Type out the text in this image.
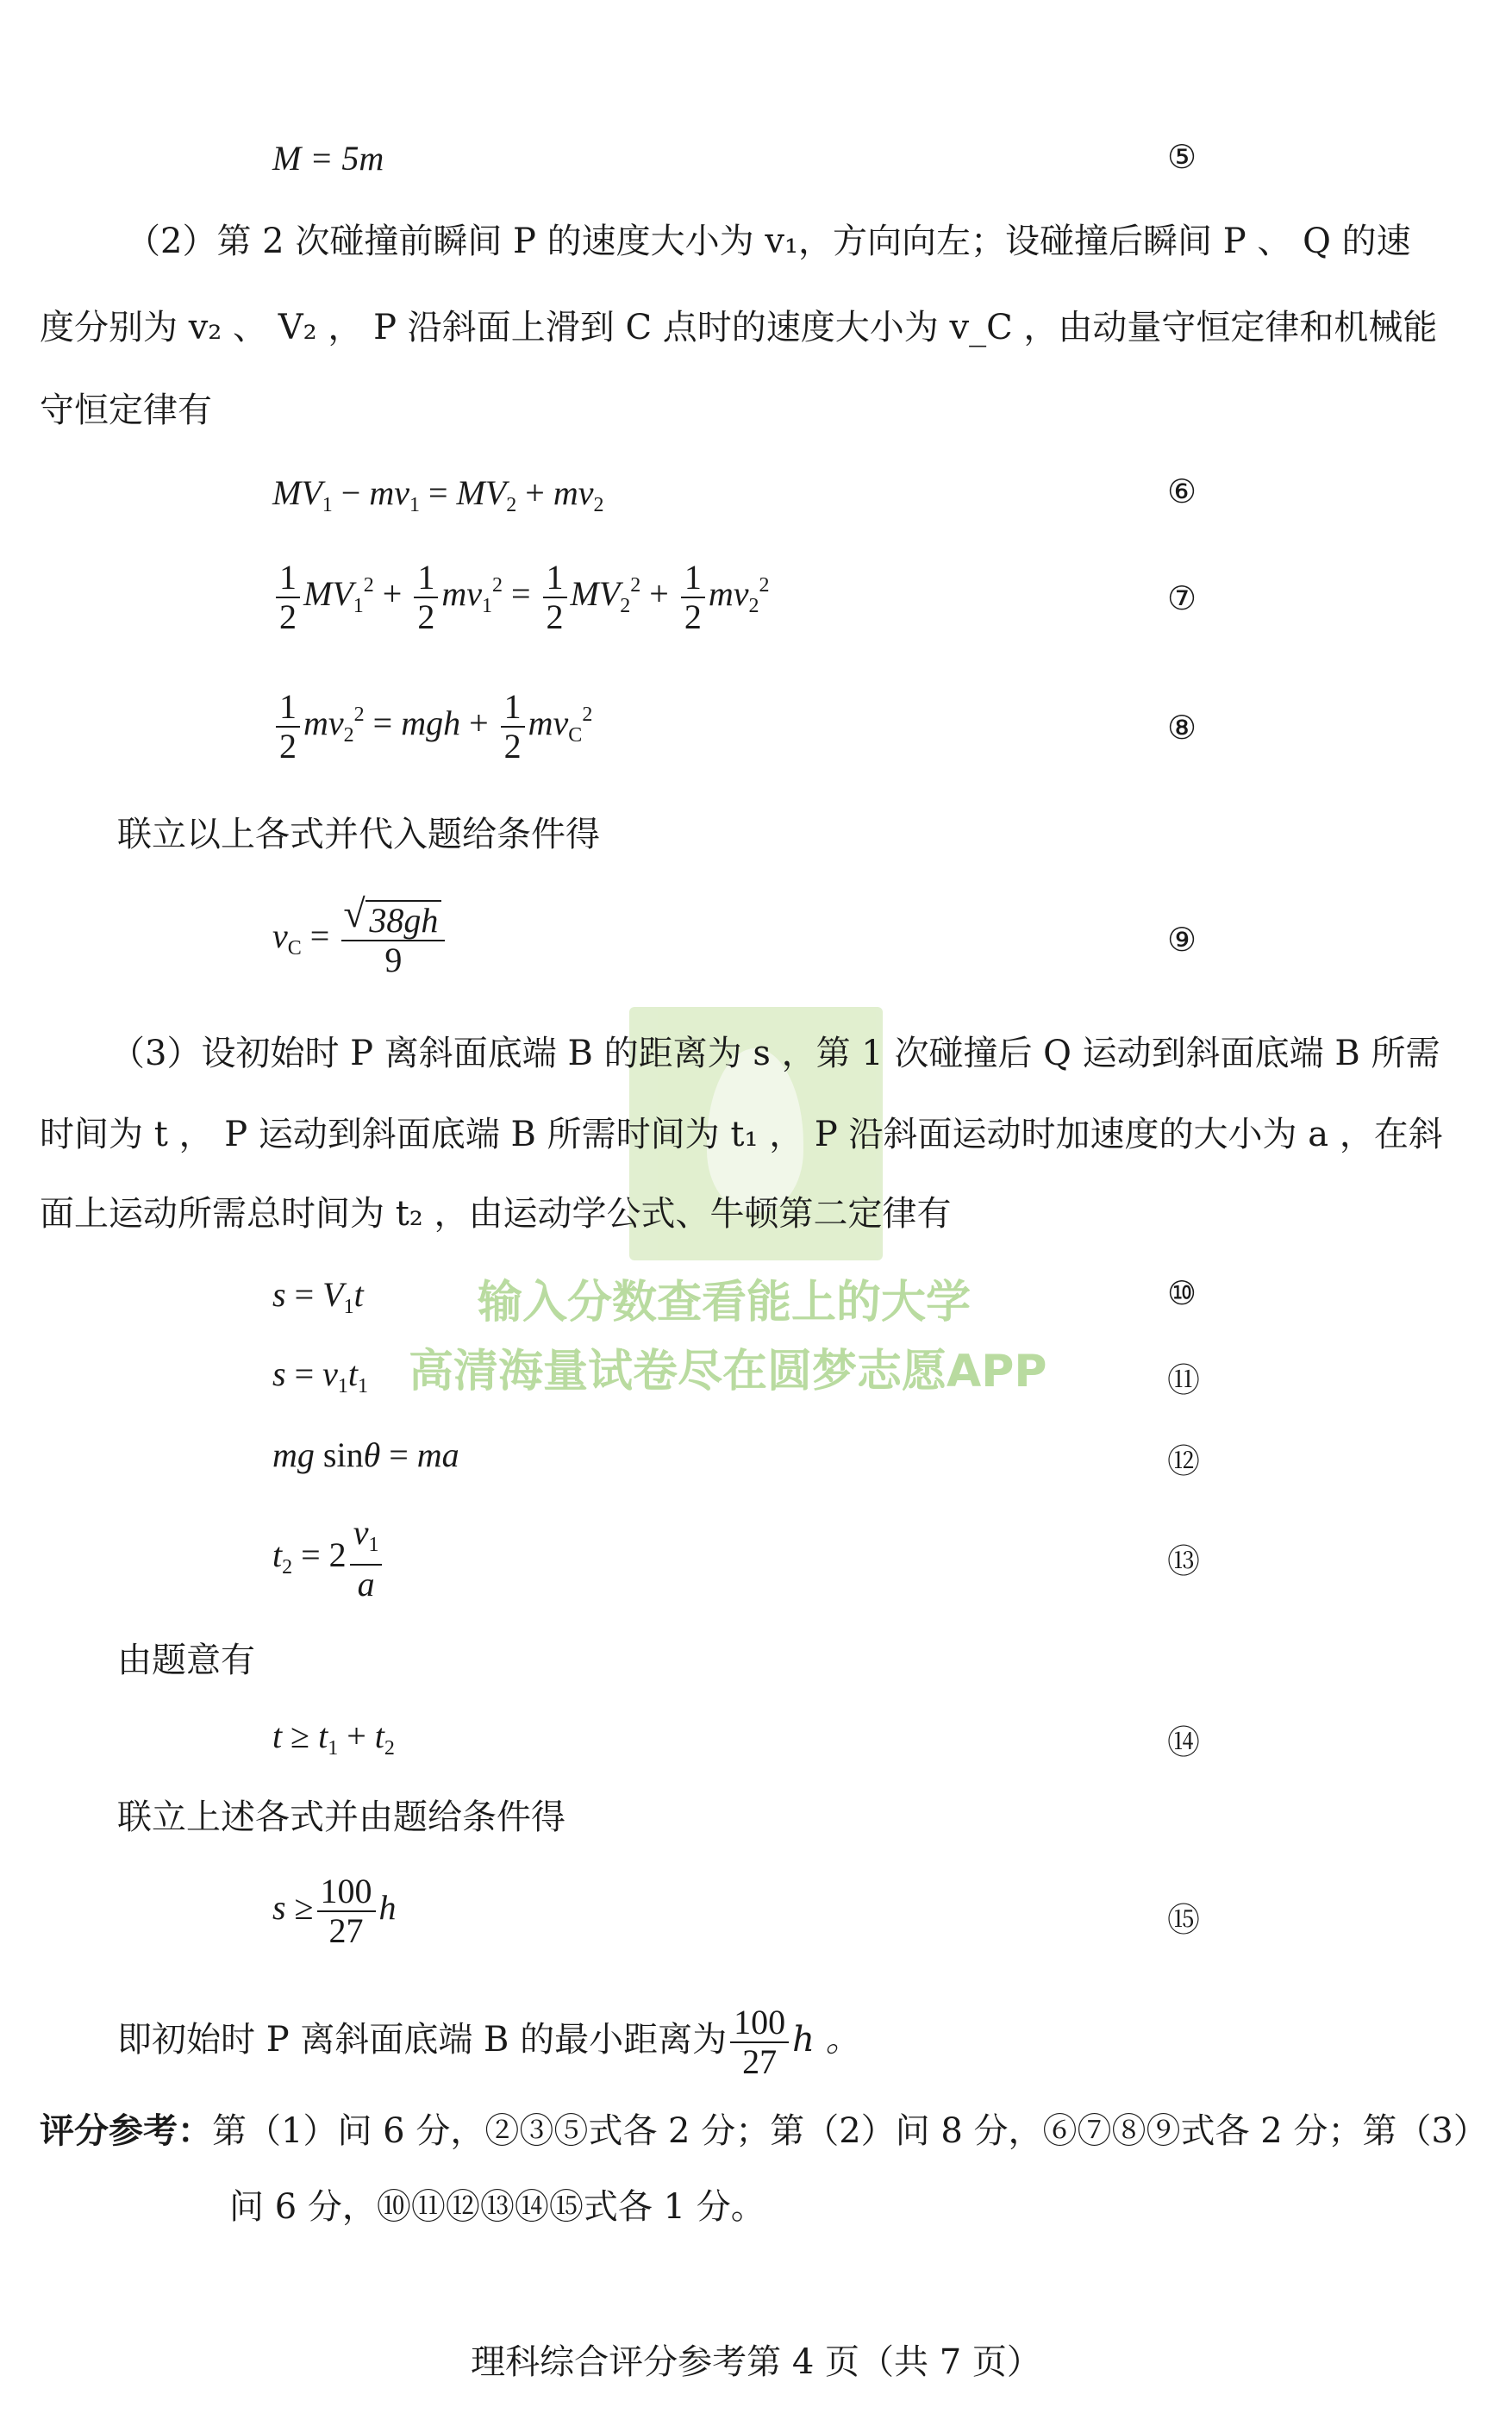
输入分数查看能上的大学
高清海量试卷尽在圆梦志愿APP
M = 5m	⑤
（2）第 2 次碰撞前瞬间 P 的速度大小为 v₁，方向向左；设碰撞后瞬间 P 、 Q 的速
度分别为 v₂ 、 V₂ ， P 沿斜面上滑到 C 点时的速度大小为 v_C ，由动量守恒定律和机械能
守恒定律有
$MV_1 - mv_1 = MV_2 + mv_2$	⑥
$\frac{1}{2} MV_1^2 + \frac{1}{2} mv_1^2 = \frac{1}{2} MV_2^2 + \frac{1}{2} mv_2^2$	⑦
$\frac{1}{2} mv_2^2$ = mgh + $\frac{1}{2} mv_C^2$	⑧
联立以上各式并代入题给条件得
$v_C$ =
√ $\frac{38gh}{9}$	⑨
（3）设初始时 P 离斜面底端 B 的距离为 s ，第 1 次碰撞后 Q 运动到斜面底端 B 所需
时间为 t ， P 运动到斜面底端 B 所需时间为 t₁ ， P 沿斜面运动时加速度的大小为 a ，在斜
面上运动所需总时间为 t₂ ，由运动学公式、牛顿第二定律有
$s = V_1t$	⑩
$s = v_1t_1$	⑪
mg sinθ = ma	⑫
$t_2 = 2 \frac{v_1}{a}$	⑬
由题意有
$t \ge t_1 + t_2$	⑭
联立上述各式并由题给条件得
$s \ge \frac{100}{27}$ h	⑮
即初始时 P 离斜面底端 B 的最小距离为 $\frac{100}{27}$ h 。
评分参考：第（1）问 6 分，②③⑤式各 2 分；第（2）问 8 分，⑥⑦⑧⑨式各 2 分；第（3）
问 6 分，⑩⑪⑫⑬⑭⑮式各 1 分。
理科综合评分参考第 4 页（共 7 页）
